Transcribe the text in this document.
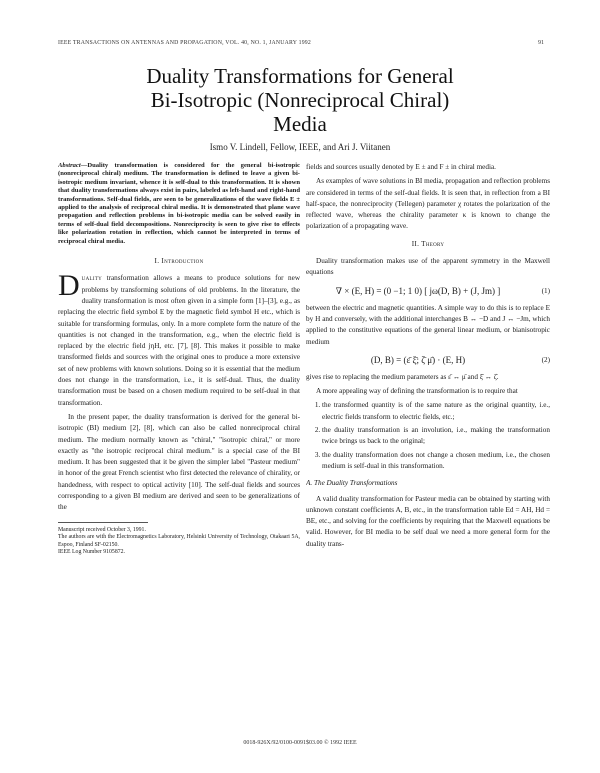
IEEE TRANSACTIONS ON ANTENNAS AND PROPAGATION, VOL. 40, NO. 1, JANUARY 1992	91
Duality Transformations for General
Bi-Isotropic (Nonreciprocal Chiral)
Media
Ismo V. Lindell, Fellow, IEEE, and Ari J. Viitanen
Abstract—Duality transformation is considered for the general bi-isotropic (nonreciprocal chiral) medium. The transformation is defined to leave a given bi-isotropic medium invariant, whence it is self-dual to this transformation. It is shown that duality transformations always exist in pairs, labeled as left-hand and right-hand transformations. Self-dual fields, are seen to be generalizations of the wave fields E ± applied to the analysis of reciprocal chiral media. It is demonstrated that plane wave propagation and reflection problems in bi-isotropic media can be solved easily in terms of self-dual field decompositions. Nonreciprocity is seen to give rise to effects like polarization rotation in reflection, which cannot be interpreted in terms of reciprocal chiral media.
I. Introduction

Duality transformation allows a means to produce solutions for new problems by transforming solutions of old problems. In the literature, the duality transformation is most often given in a simple form [1]–[3], e.g., as replacing the electric field symbol E by the magnetic field symbol H etc., which is suitable for transforming formulas, only. In a more complete form the nature of the quantities is not changed in the transformation, e.g., when the electric field is replaced by the electric field jηH, etc. [7], [8]. This makes it possible to make transformed fields and sources with the original ones to produce a more extensive set of new problems with known solutions. Doing so it is essential that the medium does not change in the transformation, i.e., it is self-dual. Thus, the duality transformation must be based on a chosen medium required to be self-dual in that transformation.

In the present paper, the duality transformation is derived for the general bi-isotropic (BI) medium [2], [8], which can also be called nonreciprocal chiral medium. The medium normally known as "chiral," "isotropic chiral," or more exactly as "the isotropic reciprocal chiral medium." is a special case of the BI medium. It has been suggested that it be given the simpler label "Pasteur medium" in honor of the great French scientist who first detected the relevance of chirality, or handedness, with respect to optical activity [10]. The self-dual fields and sources corresponding to a given BI medium are derived and seen to be generalizations of the

Manuscript received October 3, 1991.
The authors are with the Electromagnetics Laboratory, Helsinki University of Technology, Otakaari 5A, Espoo, Finland SF-02150.
IEEE Log Number 9105872.

fields and sources usually denoted by E ± and F ± in chiral media.

As examples of wave solutions in BI media, propagation and reflection problems are considered in terms of the self-dual fields. It is seen that, in reflection from a BI half-space, the nonreciprocity (Tellegen) parameter χ rotates the polarization of the reflected wave, whereas the chirality parameter κ is known to change the polarization of a propagating wave.

II. Theory

Duality transformation makes use of the apparent symmetry in the Maxwell equations

∇ × (E, H) = (0 −1; 1 0) [ jω(D, B) + (J, Jm) ]	(1)

between the electric and magnetic quantities. A simple way to do this is to replace E by H and conversely, with the additional interchanges B ↔ −D and J ↔ −Jm, which applied to the constitutive equations of the general linear medium, or bianisotropic medium

(D, B) = (ε̄ ξ̄; ζ̄ μ̄) · (E, H)	(2)

gives rise to replacing the medium parameters as ε̄ ↔ μ̄ and ξ̄ ↔ ζ̄.

A more appealing way of defining the transformation is to require that

1. the transformed quantity is of the same nature as the original quantity, i.e., electric fields transform to electric fields, etc.;
2. the duality transformation is an involution, i.e., making the transformation twice brings us back to the original;
3. the duality transformation does not change a chosen medium, i.e., the chosen medium is self-dual in this transformation.
A. The Duality Transformations

A valid duality transformation for Pasteur media can be obtained by starting with unknown constant coefficients A, B, etc., in the transformation table Ed = AH, Hd = BE, etc., and solving for the coefficients by requiring that the Maxwell equations be valid. However, for BI media to be self dual we need a more general form for the duality trans-

0018-926X/92/0100-0091$03.00 © 1992 IEEE
